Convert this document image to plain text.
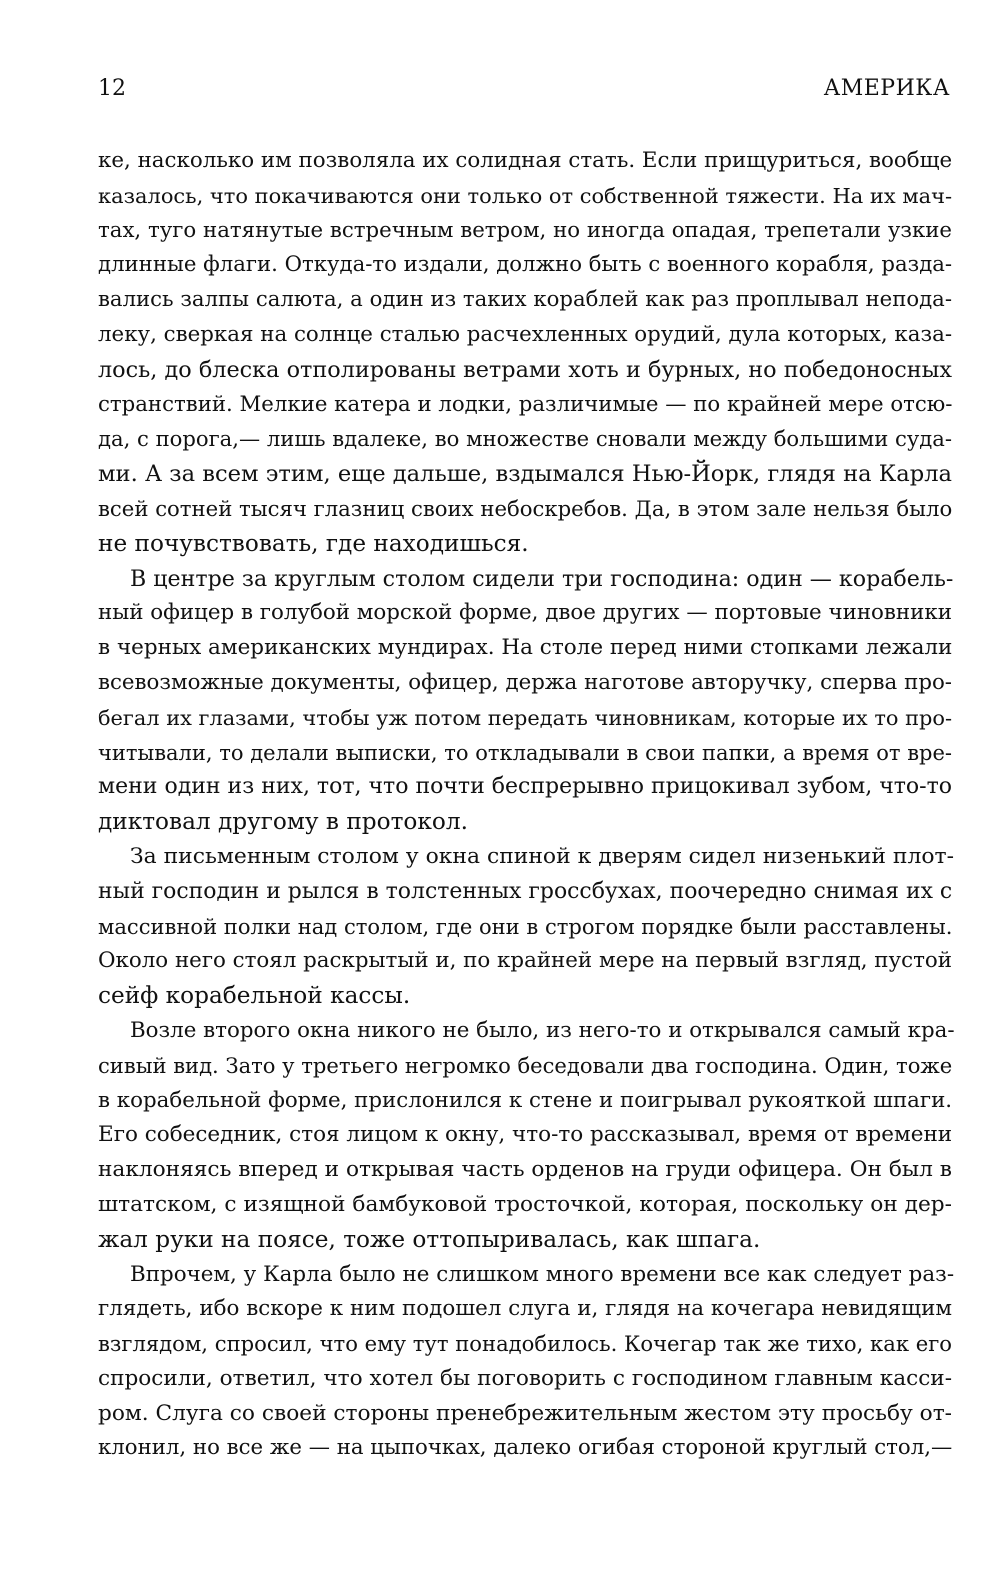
12	АМЕРИКА

ке, насколько им позволяла их солидная стать. Если прищуриться, вообще
казалось, что покачиваются они только от собственной тяжести. На их мач-
тах, туго натянутые встречным ветром, но иногда опадая, трепетали узкие
длинные флаги. Откуда-то издали, должно быть с военного корабля, разда-
вались залпы салюта, а один из таких кораблей как раз проплывал непода-
леку, сверкая на солнце сталью расчехленных орудий, дула которых, каза-
лось, до блеска отполированы ветрами хоть и бурных, но победоносных
странствий. Мелкие катера и лодки, различимые — по крайней мере отсю-
да, с порога,— лишь вдалеке, во множестве сновали между большими суда-
ми. А за всем этим, еще дальше, вздымался Нью-Йорк, глядя на Карла
всей сотней тысяч глазниц своих небоскребов. Да, в этом зале нельзя было
не почувствовать, где находишься.

В центре за круглым столом сидели три господина: один — корабель-
ный офицер в голубой морской форме, двое других — портовые чиновники
в черных американских мундирах. На столе перед ними стопками лежали
всевозможные документы, офицер, держа наготове авторучку, сперва про-
бегал их глазами, чтобы уж потом передать чиновникам, которые их то про-
читывали, то делали выписки, то откладывали в свои папки, а время от вре-
мени один из них, тот, что почти беспрерывно прицокивал зубом, что-то
диктовал другому в протокол.

За письменным столом у окна спиной к дверям сидел низенький плот-
ный господин и рылся в толстенных гроссбухах, поочередно снимая их с
массивной полки над столом, где они в строгом порядке были расставлены.
Около него стоял раскрытый и, по крайней мере на первый взгляд, пустой
сейф корабельной кассы.

Возле второго окна никого не было, из него-то и открывался самый кра-
сивый вид. Зато у третьего негромко беседовали два господина. Один, тоже
в корабельной форме, прислонился к стене и поигрывал рукояткой шпаги.
Его собеседник, стоя лицом к окну, что-то рассказывал, время от времени
наклоняясь вперед и открывая часть орденов на груди офицера. Он был в
штатском, с изящной бамбуковой тросточкой, которая, поскольку он дер-
жал руки на поясе, тоже оттопыривалась, как шпага.

Впрочем, у Карла было не слишком много времени все как следует раз-
глядеть, ибо вскоре к ним подошел слуга и, глядя на кочегара невидящим
взглядом, спросил, что ему тут понадобилось. Кочегар так же тихо, как его
спросили, ответил, что хотел бы поговорить с господином главным касси-
ром. Слуга со своей стороны пренебрежительным жестом эту просьбу от-
клонил, но все же — на цыпочках, далеко огибая стороной круглый стол,—
